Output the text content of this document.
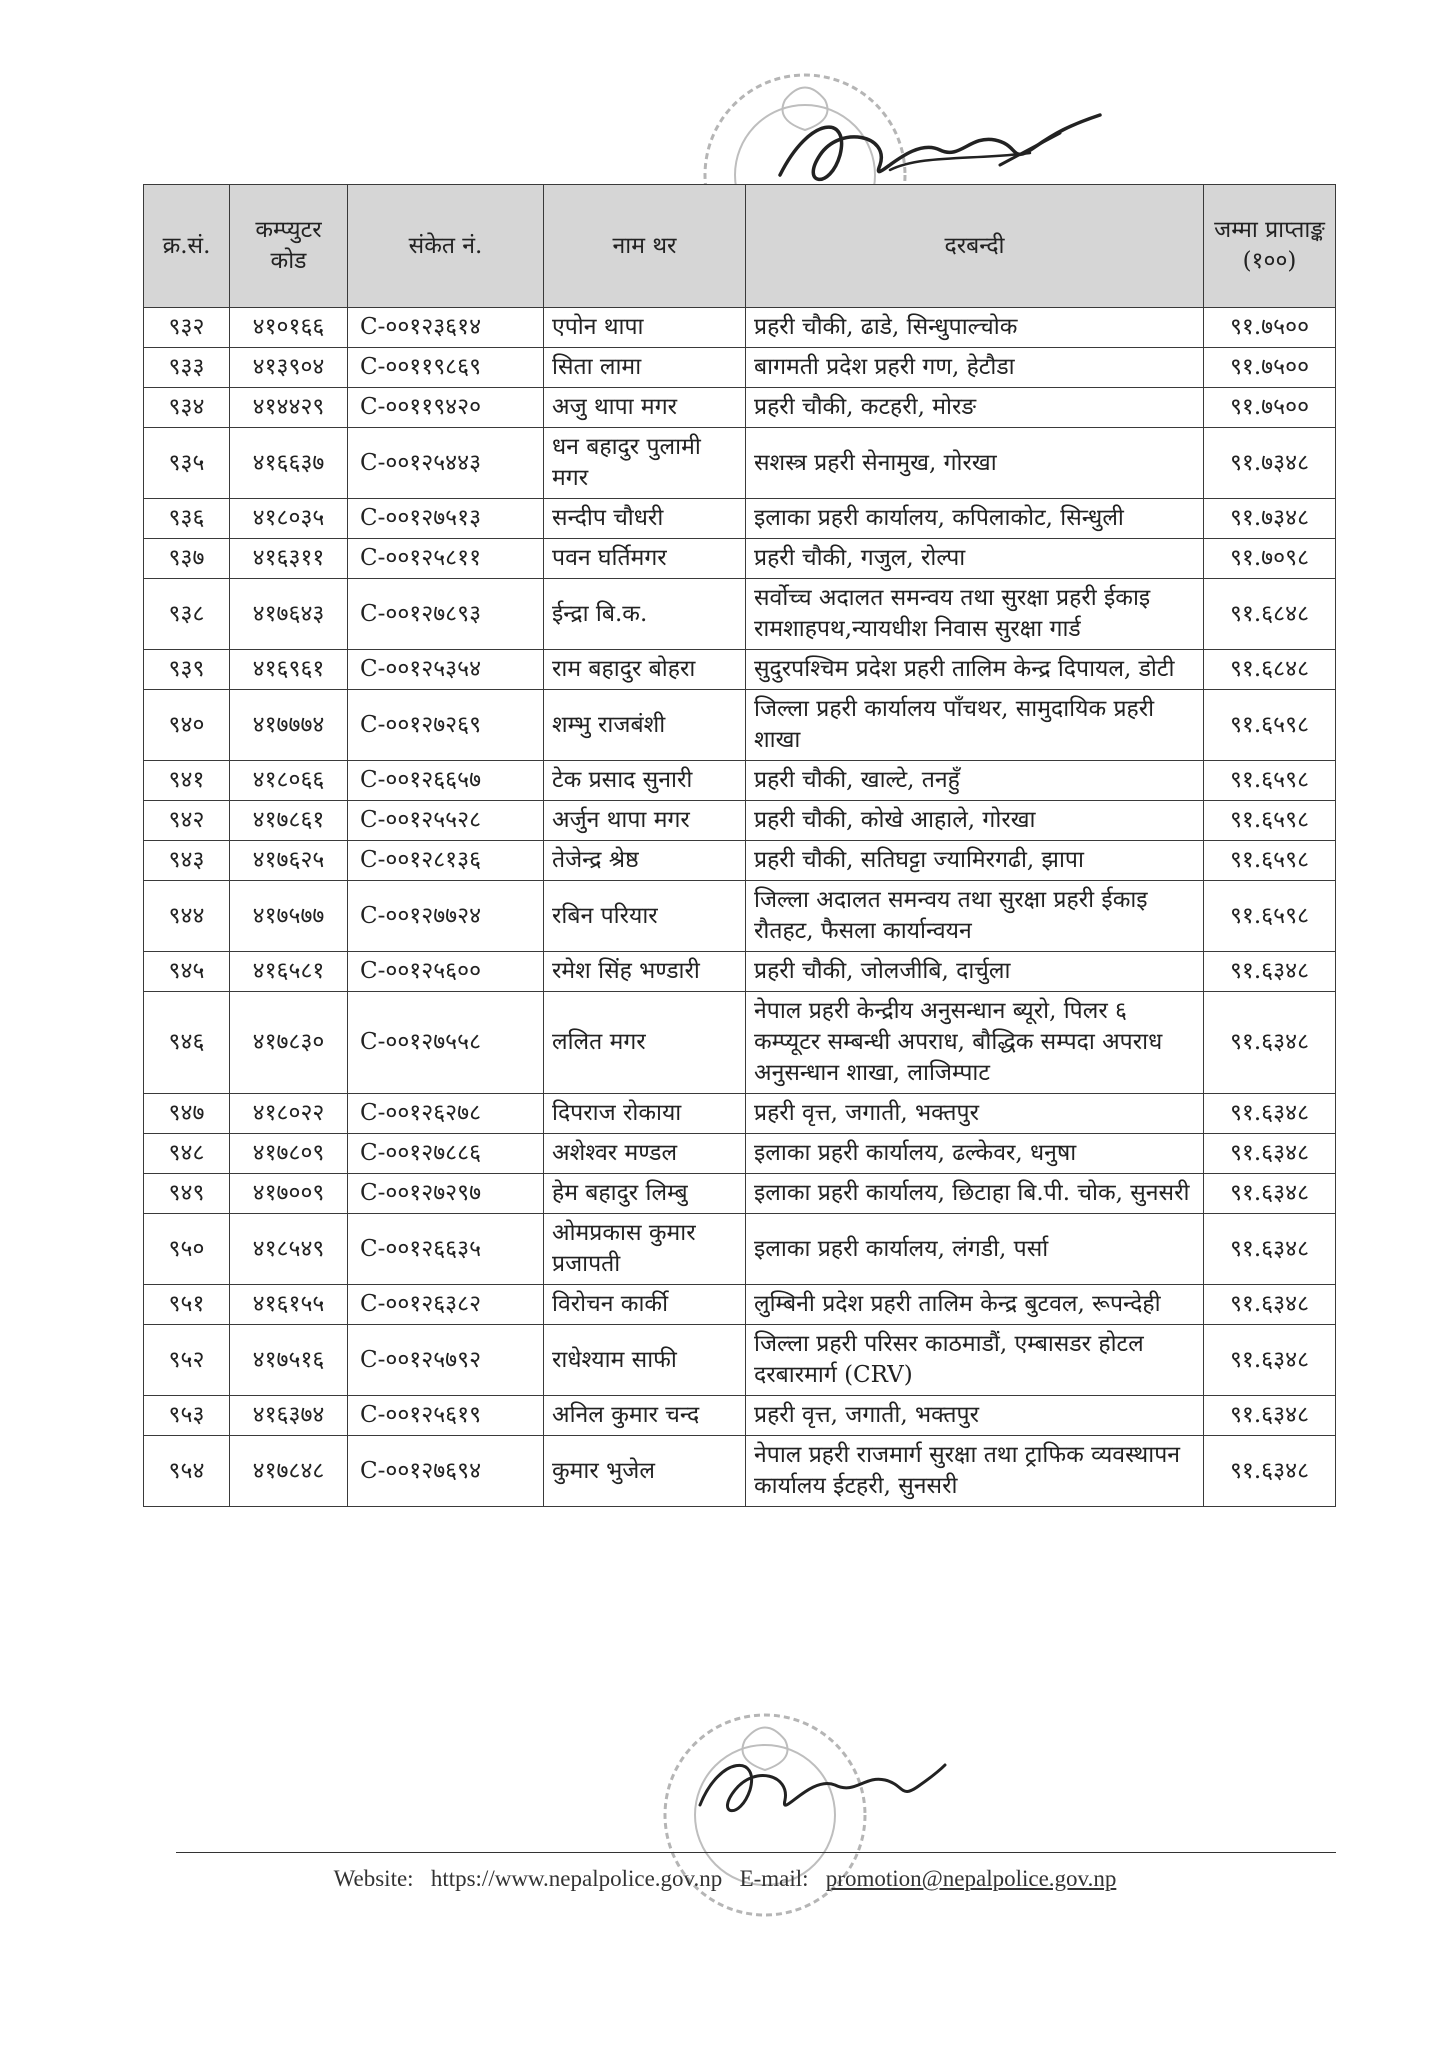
क्र.सं.	कम्प्युटर कोड	संकेत नं.	नाम थर	दरबन्दी	जम्मा प्राप्ताङ्क (१००)
९३२	४१०१६६	C-००१२३६१४	एपोन थापा	प्रहरी चौकी, ढाडे, सिन्धुपाल्चोक	९१.७५००
९३३	४१३९०४	C-००११९८६९	सिता लामा	बागमती प्रदेश प्रहरी गण, हेटौडा	९१.७५००
९३४	४१४४२९	C-००११९४२०	अजु थापा मगर	प्रहरी चौकी, कटहरी, मोरङ	९१.७५००
९३५	४१६६३७	C-००१२५४४३	धन बहादुर पुलामी मगर	सशस्त्र प्रहरी सेनामुख, गोरखा	९१.७३४८
९३६	४१८०३५	C-००१२७५१३	सन्दीप चौधरी	इलाका प्रहरी कार्यालय, कपिलाकोट, सिन्धुली	९१.७३४८
९३७	४१६३११	C-००१२५८११	पवन घर्तिमगर	प्रहरी चौकी, गजुल, रोल्पा	९१.७०९८
९३८	४१७६४३	C-००१२७८९३	ईन्द्रा बि.क.	सर्वोच्च अदालत समन्वय तथा सुरक्षा प्रहरी ईकाइ रामशाहपथ,न्यायधीश निवास सुरक्षा गार्ड	९१.६८४८
९३९	४१६९६१	C-००१२५३५४	राम बहादुर बोहरा	सुदुरपश्चिम प्रदेश प्रहरी तालिम केन्द्र दिपायल, डोटी	९१.६८४८
९४०	४१७७७४	C-००१२७२६९	शम्भु राजबंशी	जिल्ला प्रहरी कार्यालय पाँचथर, सामुदायिक प्रहरी शाखा	९१.६५९८
९४१	४१८०६६	C-००१२६६५७	टेक प्रसाद सुनारी	प्रहरी चौकी, खाल्टे, तनहुँ	९१.६५९८
९४२	४१७८६१	C-००१२५५२८	अर्जुन थापा मगर	प्रहरी चौकी, कोखे आहाले, गोरखा	९१.६५९८
९४३	४१७६२५	C-००१२८१३६	तेजेन्द्र श्रेष्ठ	प्रहरी चौकी, सतिघट्टा ज्यामिरगढी, झापा	९१.६५९८
९४४	४१७५७७	C-००१२७७२४	रबिन परियार	जिल्ला अदालत समन्वय तथा सुरक्षा प्रहरी ईकाइ रौतहट, फैसला कार्यान्वयन	९१.६५९८
९४५	४१६५८१	C-००१२५६००	रमेश सिंह भण्डारी	प्रहरी चौकी, जोलजीबि, दार्चुला	९१.६३४८
९४६	४१७८३०	C-००१२७५५८	ललित मगर	नेपाल प्रहरी केन्द्रीय अनुसन्धान ब्यूरो, पिलर ६ कम्प्यूटर सम्बन्धी अपराध, बौद्धिक सम्पदा अपराध अनुसन्धान शाखा, लाजिम्पाट	९१.६३४८
९४७	४१८०२२	C-००१२६२७८	दिपराज रोकाया	प्रहरी वृत्त, जगाती, भक्तपुर	९१.६३४८
९४८	४१७८०९	C-००१२७८८६	अशेश्वर मण्डल	इलाका प्रहरी कार्यालय, ढल्केवर, धनुषा	९१.६३४८
९४९	४१७००९	C-००१२७२९७	हेम बहादुर लिम्बु	इलाका प्रहरी कार्यालय, छिटाहा बि.पी. चोक, सुनसरी	९१.६३४८
९५०	४१८५४९	C-००१२६६३५	ओमप्रकास कुमार प्रजापती	इलाका प्रहरी कार्यालय, लंगडी, पर्सा	९१.६३४८
९५१	४१६१५५	C-००१२६३८२	विरोचन कार्की	लुम्बिनी प्रदेश प्रहरी तालिम केन्द्र बुटवल, रूपन्देही	९१.६३४८
९५२	४१७५१६	C-००१२५७९२	राधेश्याम साफी	जिल्ला प्रहरी परिसर काठमाडौं, एम्बासडर होटल दरबारमार्ग (CRV)	९१.६३४८
९५३	४१६३७४	C-००१२५६१९	अनिल कुमार चन्द	प्रहरी वृत्त, जगाती, भक्तपुर	९१.६३४८
९५४	४१७८४८	C-००१२७६९४	कुमार भुजेल	नेपाल प्रहरी राजमार्ग सुरक्षा तथा ट्राफिक व्यवस्थापन कार्यालय ईटहरी, सुनसरी	९१.६३४८
Website: https://www.nepalpolice.gov.np E-mail: promotion@nepalpolice.gov.np
